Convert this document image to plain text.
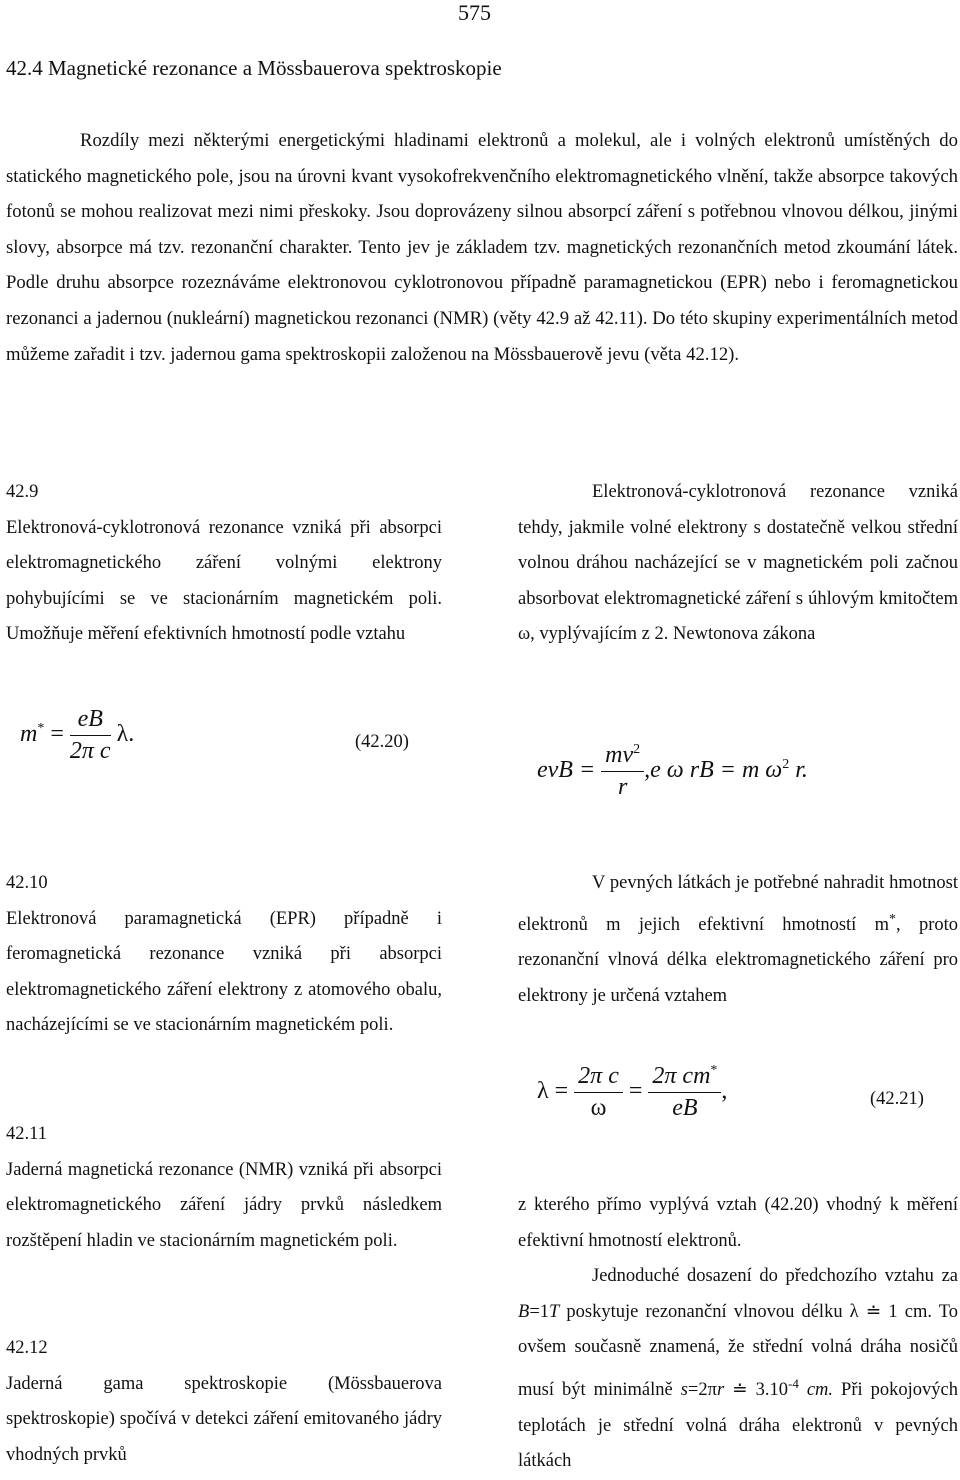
575
42.4 Magnetické rezonance a Mössbauerova spektroskopie
Rozdíly mezi některými energetickými hladinami elektronů a molekul, ale i volných elektronů umístěných do statického magnetického pole, jsou na úrovni kvant vysokofrekvenčního elektromagnetického vlnění, takže absorpce takových fotonů se mohou realizovat mezi nimi přeskoky. Jsou doprovázeny silnou absorpcí záření s potřebnou vlnovou délkou, jinými slovy, absorpce má tzv. rezonanční charakter. Tento jev je základem tzv. magnetických rezonančních metod zkoumání látek. Podle druhu absorpce rozeznáváme elektronovou cyklotronovou případně paramagnetickou (EPR) nebo i feromagnetickou rezonanci a jadernou (nukleární) magnetickou rezonanci (NMR) (věty 42.9 až 42.11). Do této skupiny experimentálních metod můžeme zařadit i tzv. jadernou gama spektroskopii založenou na Mössbauerově jevu (věta 42.12).
42.9
Elektronová-cyklotronová rezonance vzniká při absorpci elektromagnetického záření volnými elektrony pohybujícími se ve stacionárním magnetickém poli. Umožňuje měření efektivních hmotností podle vztahu
$m^* = \frac{eB}{\text{2π c}} \lambda$.	(42.20)
42.10
Elektronová paramagnetická (EPR) případně i feromagnetická rezonance vzniká při absorpci elektromagnetického záření elektrony z atomového obalu, nacházejícími se ve stacionárním magnetickém poli.
42.11
Jaderná magnetická rezonance (NMR) vzniká při absorpci elektromagnetického záření jádry prvků následkem rozštěpení hladin ve stacionárním magnetickém poli.
42.12
Jaderná gama spektroskopie (Mössbauerova spektroskopie) spočívá v detekci záření emitovaného jádry vhodných prvků
Elektronová-cyklotronová rezonance vzniká tehdy, jakmile volné elektrony s dostatečně velkou střední volnou dráhou nacházející se v magnetickém poli začnou absorbovat elektromagnetické záření s úhlovým kmitočtem ω, vyplývajícím z 2. Newtonova zákona
evB = $\frac{mv^2}{r} ,e$ ω rB = m $\omega^2$ r.
V pevných látkách je potřebné nahradit hmotnost elektronů m jejich efektivní hmotností m*, proto rezonanční vlnová délka elektromagnetického záření pro elektrony je určená vztahem
$\lambda = \frac{\text{2π c}}{\omega} = \frac{2\pi cm^*}{eB}$ ,	(42.21)
z kterého přímo vyplývá vztah (42.20) vhodný k měření efektivní hmotností elektronů.
Jednoduché dosazení do předchozího vztahu za B=1T poskytuje rezonanční vlnovou délku λ ≐ 1 cm. To ovšem současně znamená, že střední volná dráha nosičů musí být minimálně s=2πr ≐ $3.10^{-4}$ cm. Při pokojových teplotách je střední volná dráha elektronů v pevných látkách
